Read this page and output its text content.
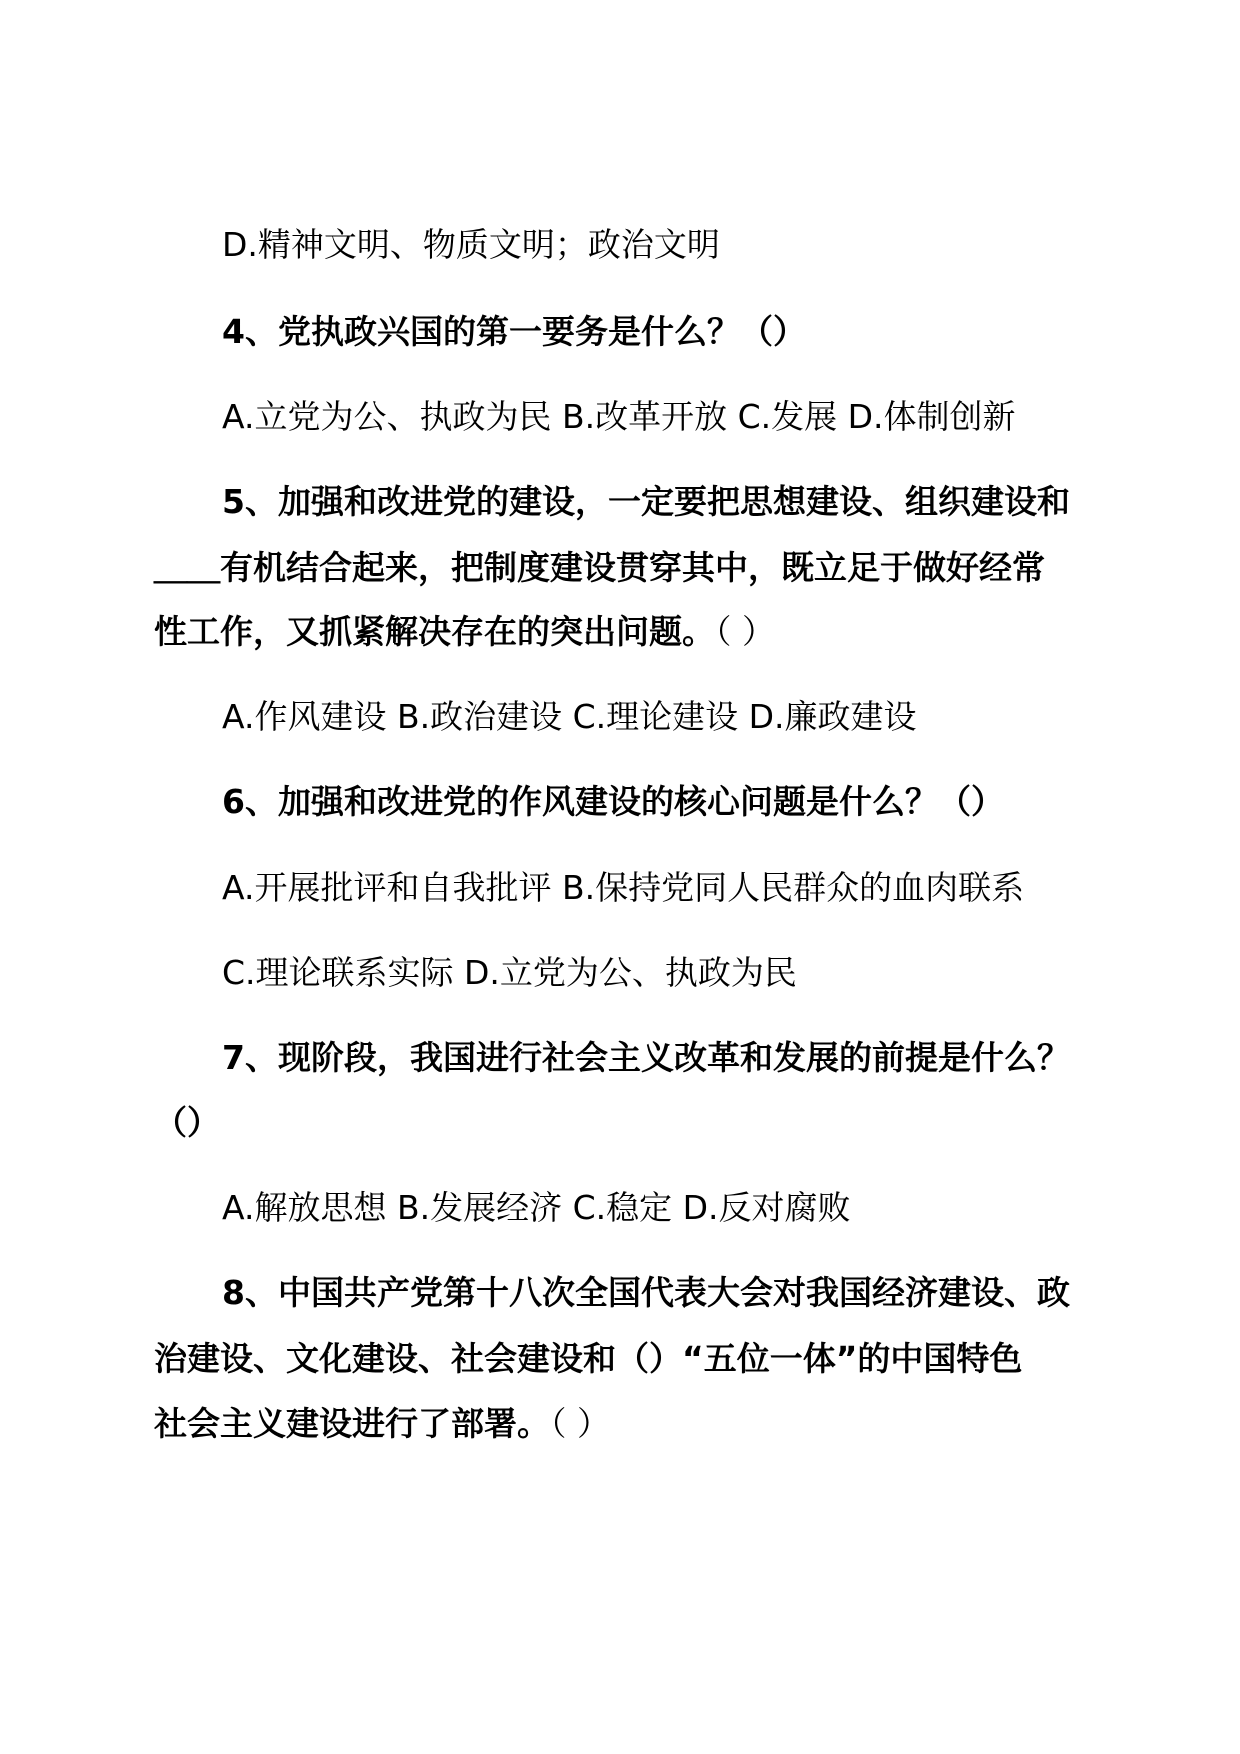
D.精神文明、物质文明；政治文明
4、党执政兴国的第一要务是什么？（）
A.立党为公、执政为民 B.改革开放 C.发展 D.体制创新
5、加强和改进党的建设，一定要把思想建设、组织建设和
＿＿有机结合起来，把制度建设贯穿其中，既立足于做好经常
性工作，又抓紧解决存在的突出问题。（ ）
A.作风建设 B.政治建设 C.理论建设 D.廉政建设
6、加强和改进党的作风建设的核心问题是什么？（）
A.开展批评和自我批评 B.保持党同人民群众的血肉联系
C.理论联系实际 D.立党为公、执政为民
7、现阶段，我国进行社会主义改革和发展的前提是什么？
（）
A.解放思想 B.发展经济 C.稳定 D.反对腐败
8、中国共产党第十八次全国代表大会对我国经济建设、政
治建设、文化建设、社会建设和（）“五位一体”的中国特色
社会主义建设进行了部署。（ ）
